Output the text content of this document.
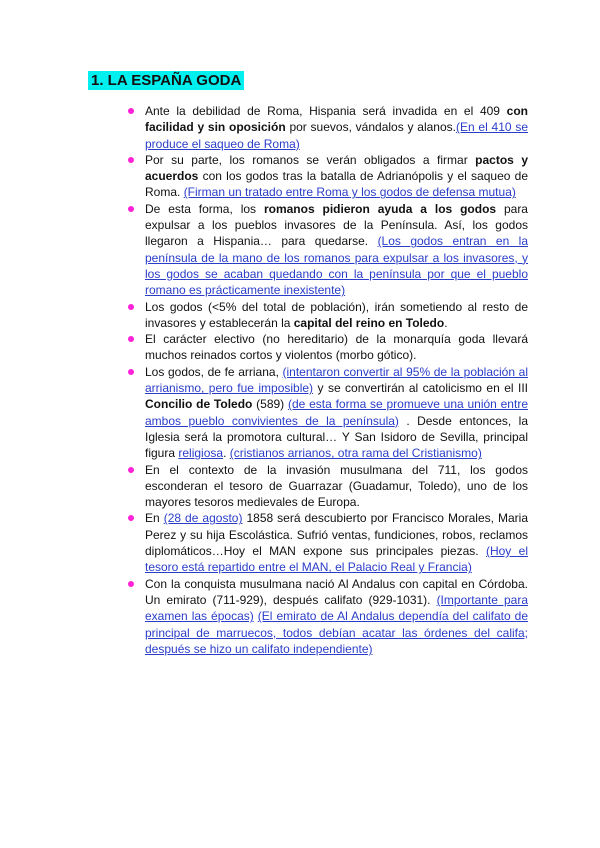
1. LA ESPAÑA GODA
Ante la debilidad de Roma, Hispania será invadida en el 409 con facilidad y sin oposición por suevos, vándalos y alanos.(En el 410 se produce el saqueo de Roma)
Por su parte, los romanos se verán obligados a firmar pactos y acuerdos con los godos tras la batalla de Adrianópolis y el saqueo de Roma. (Firman un tratado entre Roma y los godos de defensa mutua)
De esta forma, los romanos pidieron ayuda a los godos para expulsar a los pueblos invasores de la Península. Así, los godos llegaron a Hispania… para quedarse. (Los godos entran en la península de la mano de los romanos para expulsar a los invasores, y los godos se acaban quedando con la península por que el pueblo romano es prácticamente inexistente)
Los godos (<5% del total de población), irán sometiendo al resto de invasores y establecerán la capital del reino en Toledo.
El carácter electivo (no hereditario) de la monarquía goda llevará muchos reinados cortos y violentos (morbo gótico).
Los godos, de fe arriana, (intentaron convertir al 95% de la población al arrianismo, pero fue imposible) y se convertirán al catolicismo en el III Concilio de Toledo (589) (de esta forma se promueve una unión entre ambos pueblo convivientes de la península) . Desde entonces, la Iglesia será la promotora cultural… Y San Isidoro de Sevilla, principal figura religiosa. (cristianos arrianos, otra rama del Cristianismo)
En el contexto de la invasión musulmana del 711, los godos esconderan el tesoro de Guarrazar (Guadamur, Toledo), uno de los mayores tesoros medievales de Europa.
En (28 de agosto) 1858 será descubierto por Francisco Morales, Maria Perez y su hija Escolástica. Sufrió ventas, fundiciones, robos, reclamos diplomáticos…Hoy el MAN expone sus principales piezas. (Hoy el tesoro está repartido entre el MAN, el Palacio Real y Francia)
Con la conquista musulmana nació Al Andalus con capital en Córdoba. Un emirato (711-929), después califato (929-1031). (Importante para examen las épocas) (El emirato de Al Andalus dependía del califato de principal de marruecos, todos debían acatar las órdenes del califa; después se hizo un califato independiente)
